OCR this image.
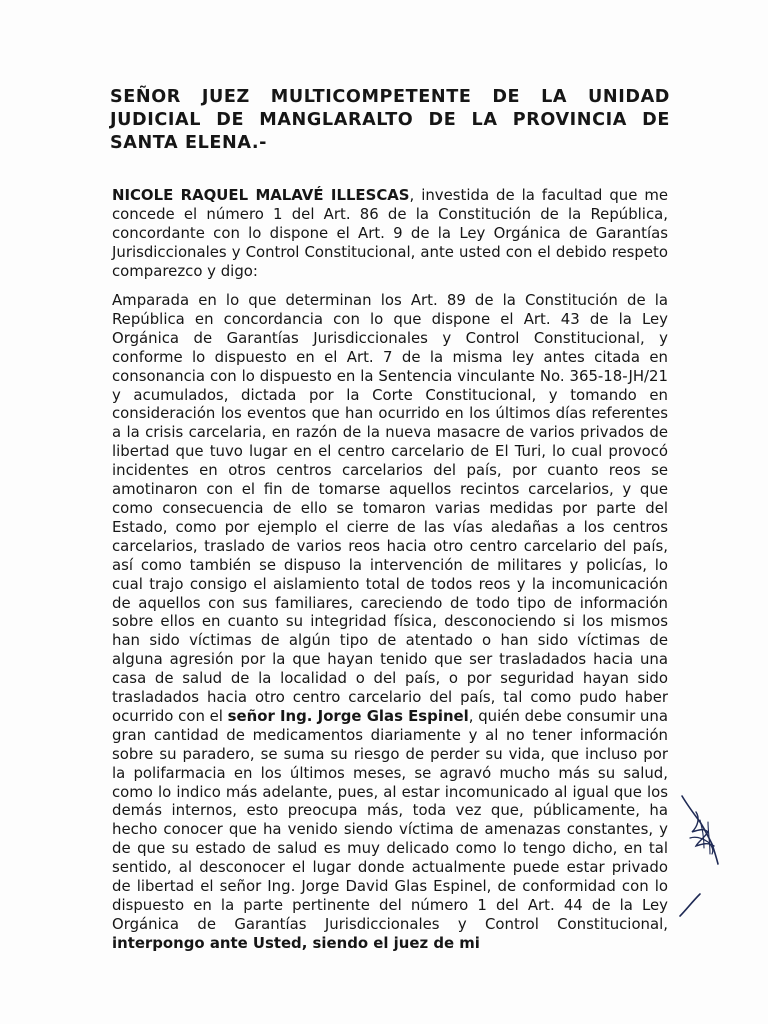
SEÑOR JUEZ MULTICOMPETENTE DE LA UNIDAD JUDICIAL DE MANGLARALTO DE LA PROVINCIA DE SANTA ELENA.-

NICOLE RAQUEL MALAVÉ ILLESCAS, investida de la facultad que me concede el número 1 del Art. 86 de la Constitución de la República, concordante con lo dispone el Art. 9 de la Ley Orgánica de Garantías Jurisdiccionales y Control Constitucional, ante usted con el debido respeto comparezco y digo:

Amparada en lo que determinan los Art. 89 de la Constitución de la República en concordancia con lo que dispone el Art. 43 de la Ley Orgánica de Garantías Jurisdiccionales y Control Constitucional, y conforme lo dispuesto en el Art. 7 de la misma ley antes citada en consonancia con lo dispuesto en la Sentencia vinculante No. 365-18-JH/21 y acumulados, dictada por la Corte Constitucional, y tomando en consideración los eventos que han ocurrido en los últimos días referentes a la crisis carcelaria, en razón de la nueva masacre de varios privados de libertad que tuvo lugar en el centro carcelario de El Turi, lo cual provocó incidentes en otros centros carcelarios del país, por cuanto reos se amotinaron con el fin de tomarse aquellos recintos carcelarios, y que como consecuencia de ello se tomaron varias medidas por parte del Estado, como por ejemplo el cierre de las vías aledañas a los centros carcelarios, traslado de varios reos hacia otro centro carcelario del país, así como también se dispuso la intervención de militares y policías, lo cual trajo consigo el aislamiento total de todos reos y la incomunicación de aquellos con sus familiares, careciendo de todo tipo de información sobre ellos en cuanto su integridad física, desconociendo si los mismos han sido víctimas de algún tipo de atentado o han sido víctimas de alguna agresión por la que hayan tenido que ser trasladados hacia una casa de salud de la localidad o del país, o por seguridad hayan sido trasladados hacia otro centro carcelario del país, tal como pudo haber ocurrido con el señor Ing. Jorge Glas Espinel, quién debe consumir una gran cantidad de medicamentos diariamente y al no tener información sobre su paradero, se suma su riesgo de perder su vida, que incluso por la polifarmacia en los últimos meses, se agravó mucho más su salud, como lo indico más adelante, pues, al estar incomunicado al igual que los demás internos, esto preocupa más, toda vez que, públicamente, ha hecho conocer que ha venido siendo víctima de amenazas constantes, y de que su estado de salud es muy delicado como lo tengo dicho, en tal sentido, al desconocer el lugar donde actualmente puede estar privado de libertad el señor Ing. Jorge David Glas Espinel, de conformidad con lo dispuesto en la parte pertinente del número 1 del Art. 44 de la Ley Orgánica de Garantías Jurisdiccionales y Control Constitucional, interpongo ante Usted, siendo el juez de mi
